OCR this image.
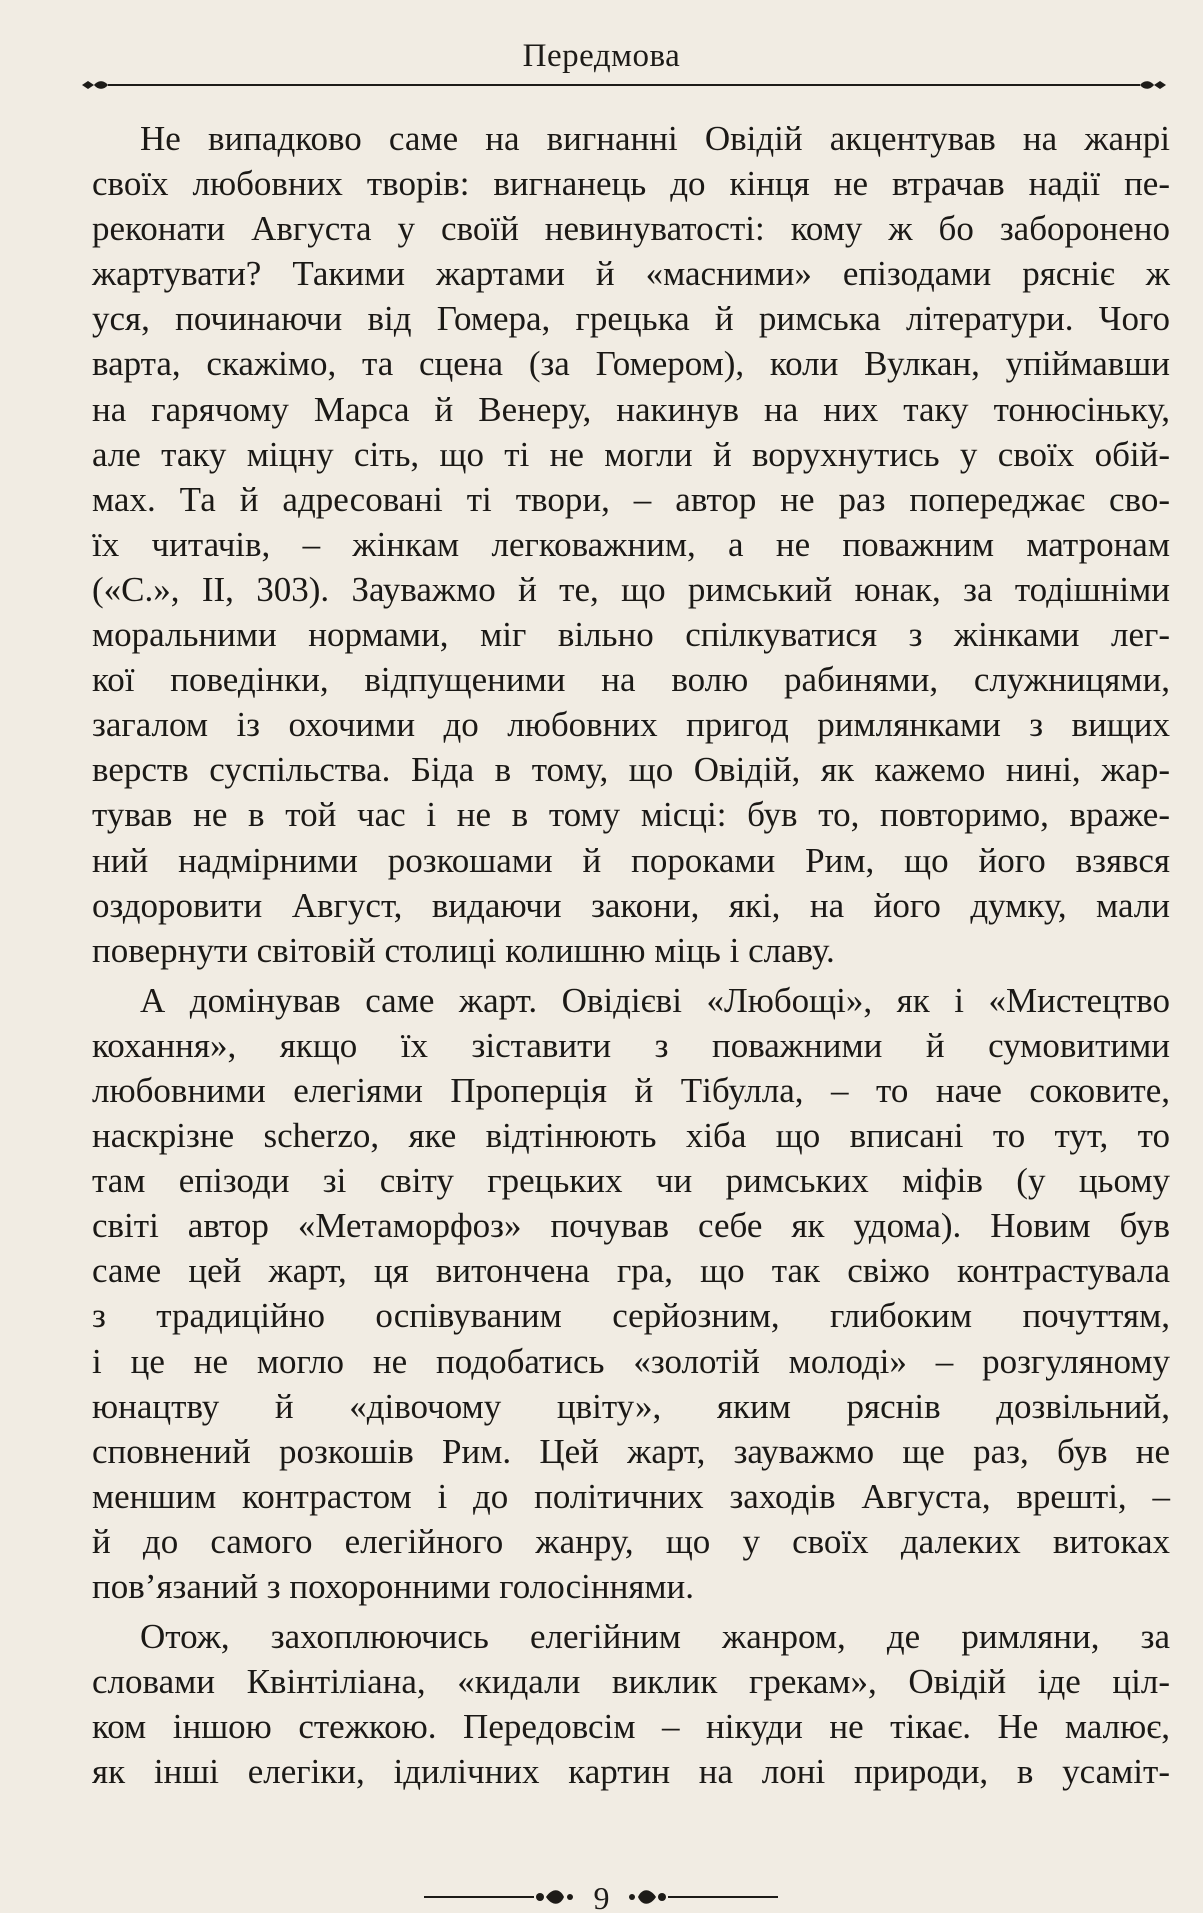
Передмова
Не випадково саме на вигнанні Овідій акцентував на жанрі
своїх любовних творів: вигнанець до кінця не втрачав надії пе-
реконати Августа у своїй невинуватості: кому ж бо заборонено
жартувати? Такими жартами й «масними» епізодами ряснiє ж
уся, починаючи від Гомера, грецька й римська літератури. Чого
варта, скажімо, та сцена (за Гомером), коли Вулкан, упіймавши
на гарячому Марса й Венеру, накинув на них таку тонюсіньку,
але таку міцну сіть, що ті не могли й ворухнутись у своїх обій-
мах. Та й адресовані ті твори, – автор не раз попереджає сво-
їх читачів, – жінкам легковажним, а не поважним матронам
(«С.», II, 303). Зауважмо й те, що римський юнак, за тодішніми
моральними нормами, міг вільно спілкуватися з жінками лег-
кої поведінки, відпущеними на волю рабинями, служницями,
загалом із охочими до любовних пригод римлянками з вищих
верств суспільства. Біда в тому, що Овідій, як кажемо нині, жар-
тував не в той час і не в тому місці: був то, повторимо, враже-
ний надмірними розкошами й пороками Рим, що його взявся
оздоровити Август, видаючи закони, які, на його думку, мали
повернути світовій столиці колишню міць і славу.
А домінував саме жарт. Овідієві «Любощі», як і «Мистецтво
кохання», якщо їх зіставити з поважними й сумовитими
любовними елегіями Проперція й Тібулла, – то наче соковите,
наскрізне scherzo, яке відтінюють хіба що вписані то тут, то
там епізоди зі світу грецьких чи римських міфів (у цьому
світі автор «Метаморфоз» почував себе як удома). Новим був
саме цей жарт, ця витончена гра, що так свіжо контрастувала
з традиційно оспівуваним серйозним, глибоким почуттям,
і це не могло не подобатись «золотій молоді» – розгуляному
юнацтву й «дівочому цвіту», яким ряснів дозвільний,
сповнений розкошів Рим. Цей жарт, зауважмо ще раз, був не
меншим контрастом і до політичних заходів Августа, врешті, –
й до самого елегійного жанру, що у своїх далеких витоках
пов’язаний з похоронними голосіннями.
Отож, захоплюючись елегійним жанром, де римляни, за
словами Квінтіліана, «кидали виклик грекам», Овідій іде ціл-
ком іншою стежкою. Передовсім – нікуди не тікає. Не малює,
як інші елегіки, ідилічних картин на лоні природи, в усаміт-
9
